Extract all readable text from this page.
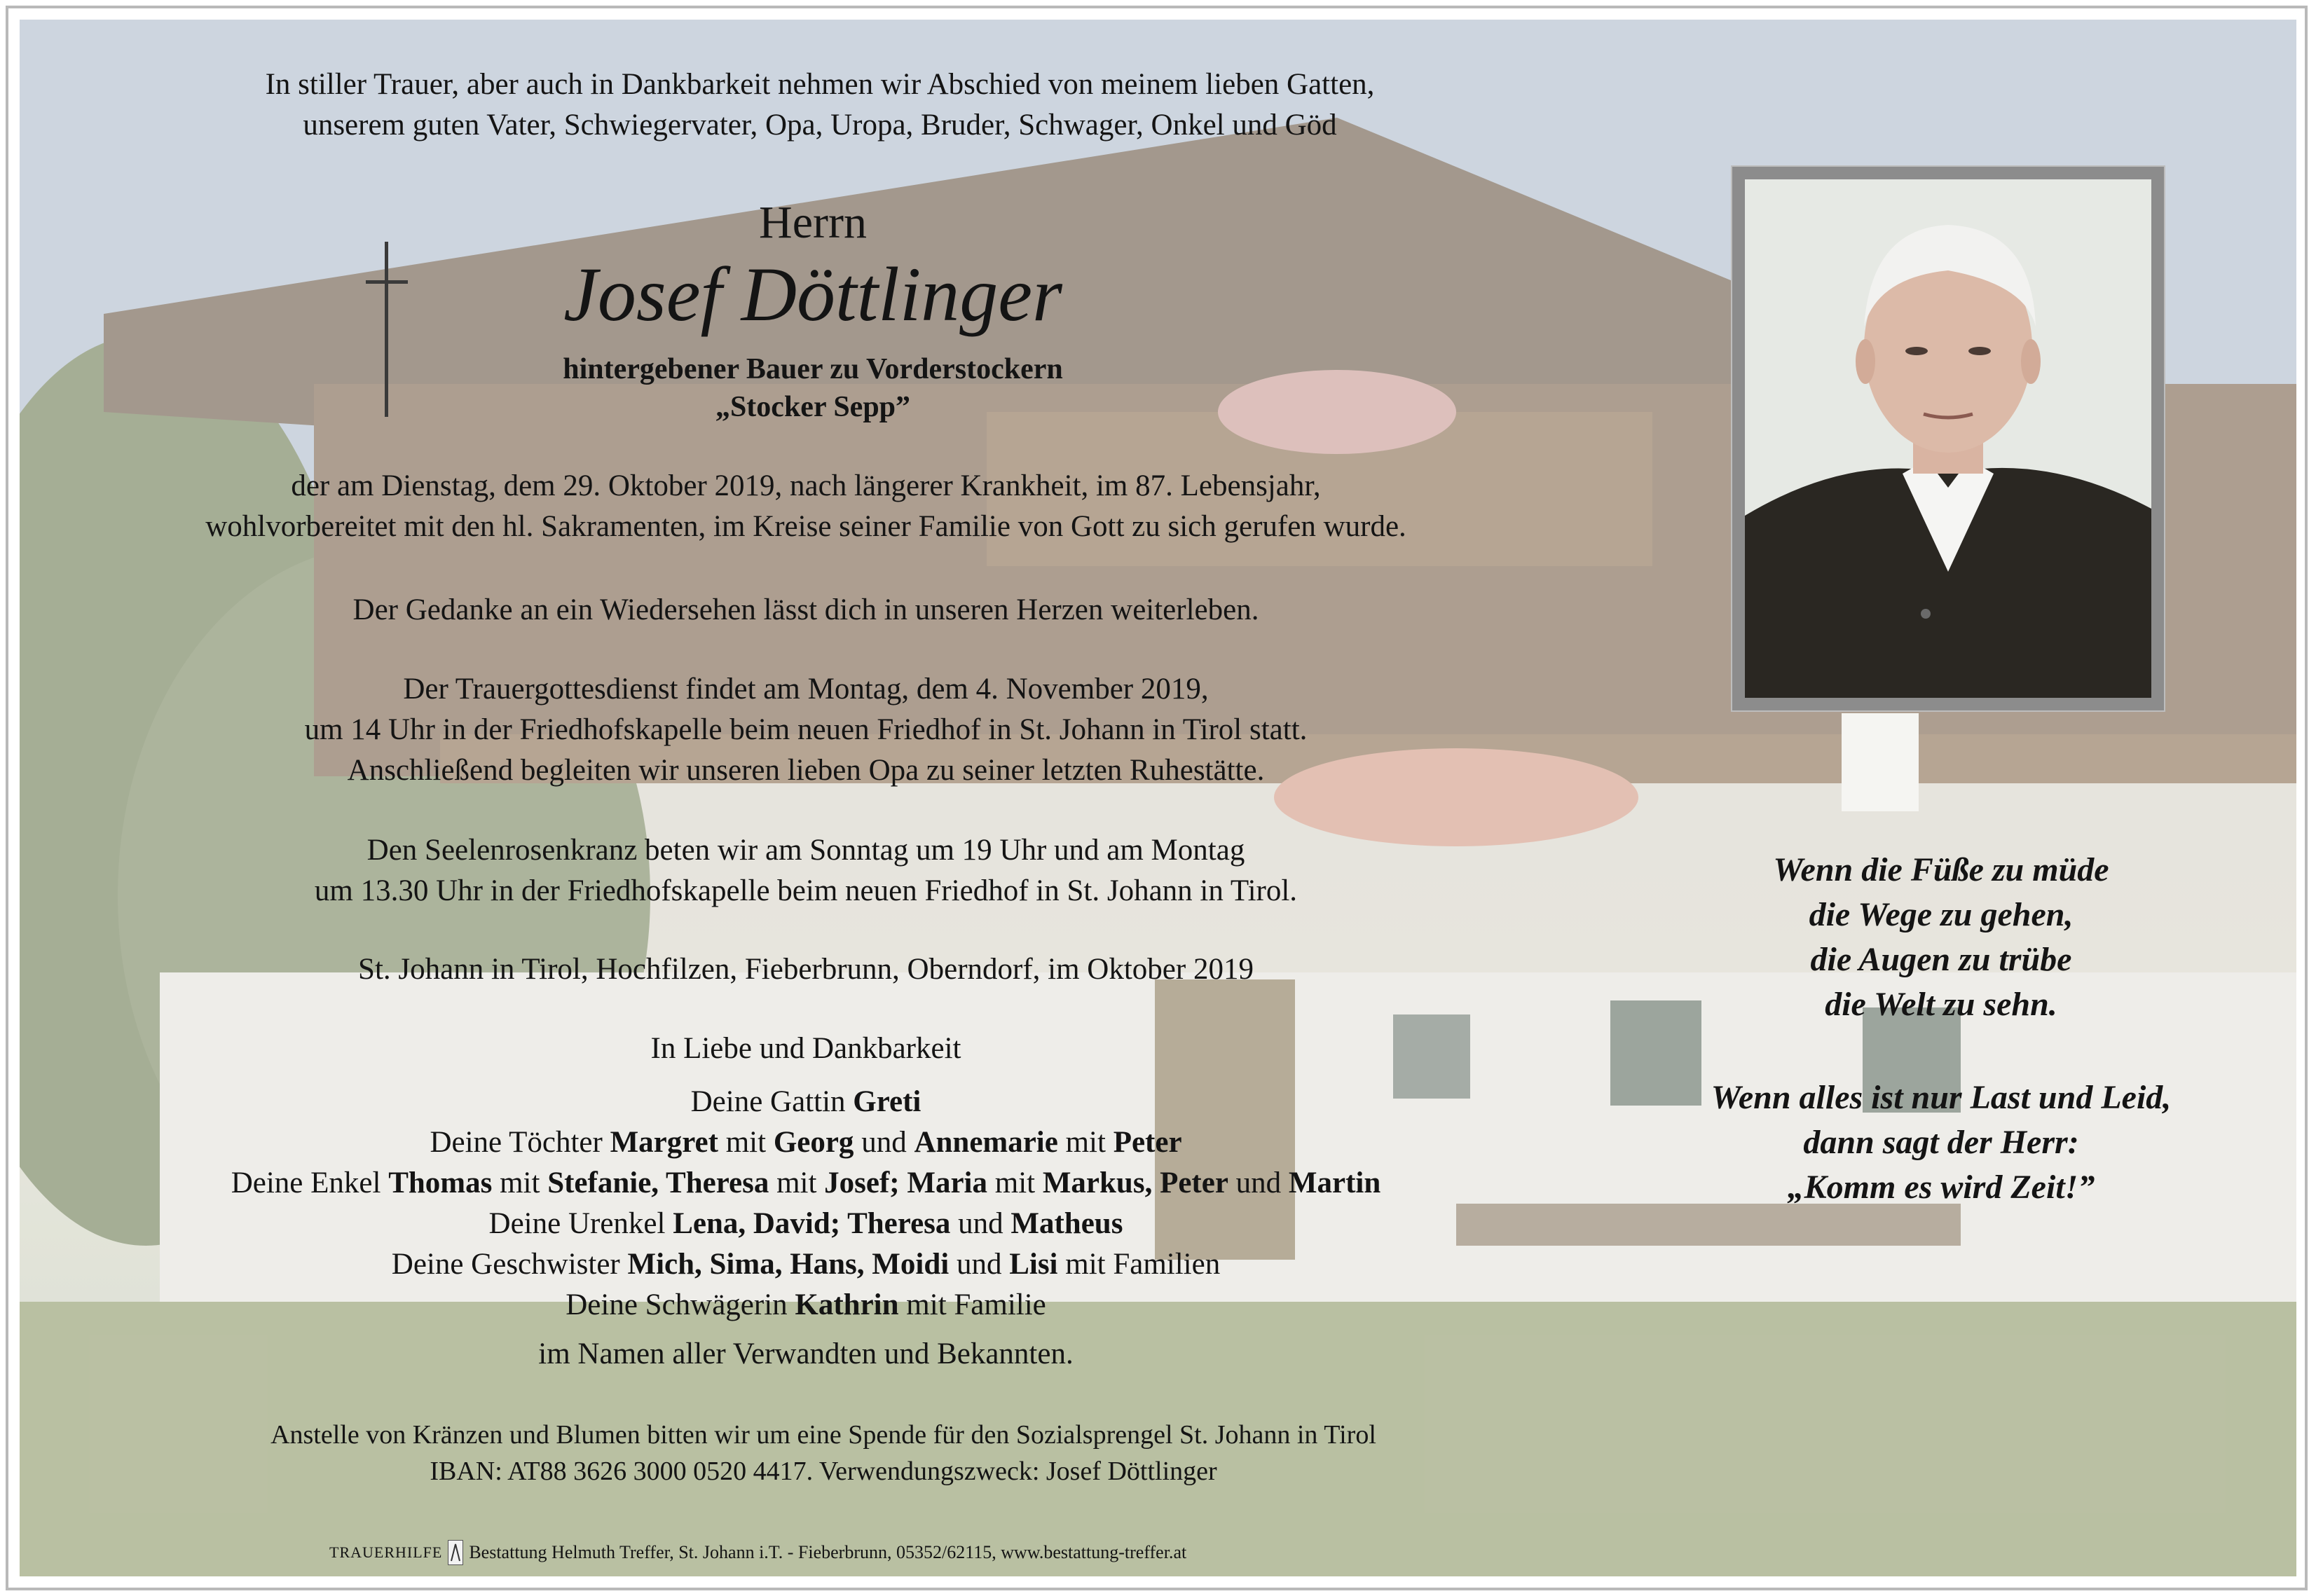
In stiller Trauer, aber auch in Dankbarkeit nehmen wir Abschied von meinem lieben Gatten,
unserem guten Vater, Schwiegervater, Opa, Uropa, Bruder, Schwager, Onkel und Göd
Herrn
Josef Döttlinger
hintergebener Bauer zu Vorderstockern
„Stocker Sepp”
der am Dienstag, dem 29. Oktober 2019, nach längerer Krankheit, im 87. Lebensjahr,
wohlvorbereitet mit den hl. Sakramenten, im Kreise seiner Familie von Gott zu sich gerufen wurde.
Der Gedanke an ein Wiedersehen lässt dich in unseren Herzen weiterleben.
Der Trauergottesdienst findet am Montag, dem 4. November 2019,
um 14 Uhr in der Friedhofskapelle beim neuen Friedhof in St. Johann in Tirol statt.
Anschließend begleiten wir unseren lieben Opa zu seiner letzten Ruhestätte.
Den Seelenrosenkranz beten wir am Sonntag um 19 Uhr und am Montag
um 13.30 Uhr in der Friedhofskapelle beim neuen Friedhof in St. Johann in Tirol.
St. Johann in Tirol, Hochfilzen, Fieberbrunn, Oberndorf, im Oktober 2019
In Liebe und Dankbarkeit
Deine Gattin Greti
Deine Töchter Margret mit Georg und Annemarie mit Peter
Deine Enkel Thomas mit Stefanie, Theresa mit Josef; Maria mit Markus, Peter und Martin
Deine Urenkel Lena, David; Theresa und Matheus
Deine Geschwister Mich, Sima, Hans, Moidi und Lisi mit Familien
Deine Schwägerin Kathrin mit Familie
im Namen aller Verwandten und Bekannten.
Anstelle von Kränzen und Blumen bitten wir um eine Spende für den Sozialsprengel St. Johann in Tirol
IBAN: AT88 3626 3000 0520 4417. Verwendungszweck: Josef Döttlinger
TRAUERHILFE Bestattung Helmuth Treffer, St. Johann i.T. - Fieberbrunn, 05352/62115, www.bestattung-treffer.at
Wenn die Füße zu müde
die Wege zu gehen,
die Augen zu trübe
die Welt zu sehn.
Wenn alles ist nur Last und Leid,
dann sagt der Herr:
„Komm es wird Zeit!”
